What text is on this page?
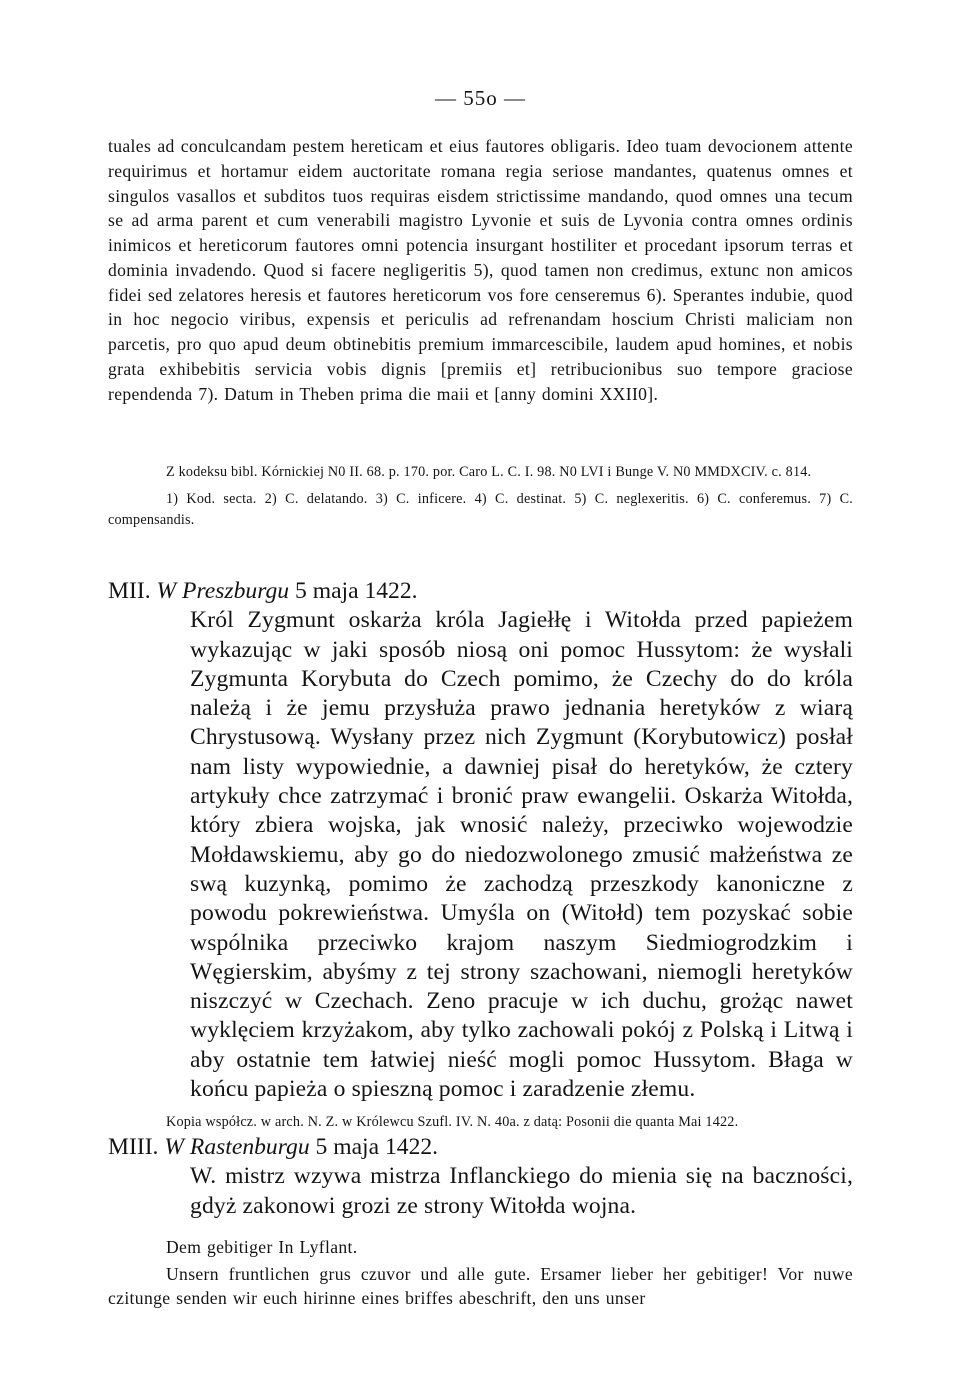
— 55o —

tuales ad conculcandam pestem hereticam et eius fautores obligaris. Ideo tuam devocionem attente requirimus et hortamur eidem auctoritate romana regia seriose mandantes, quatenus omnes et singulos vasallos et subditos tuos requiras eisdem strictissime mandando, quod omnes una tecum se ad arma parent et cum venerabili magistro Lyvonie et suis de Lyvonia contra omnes ordinis inimicos et hereticorum fautores omni potencia insurgant hostiliter et procedant ipsorum terras et dominia invadendo. Quod si facere negligeritis 5), quod tamen non credimus, extunc non amicos fidei sed zelatores heresis et fautores hereticorum vos fore censeremus 6). Sperantes indubie, quod in hoc negocio viribus, expensis et periculis ad refrenandam hoscium Christi maliciam non parcetis, pro quo apud deum obtinebitis premium immarcescibile, laudem apud homines, et nobis grata exhibebitis servicia vobis dignis [premiis et] retribucionibus suo tempore graciose rependenda 7). Datum in Theben prima die maii et [anny domini XXII0].

Z kodeksu bibl. Kórnickiej N0 II. 68. p. 170. por. Caro L. C. I. 98. N0 LVI i Bunge V. N0 MMDXCIV. c. 814.

1) Kod. secta. 2) C. delatando. 3) C. inficere. 4) C. destinat. 5) C. neglexeritis. 6) C. conferemus. 7) C. compensandis.

MII. W Preszburgu 5 maja 1422.

Król Zygmunt oskarża króla Jagiełłę i Witołda przed papieżem wykazując w jaki sposób niosą oni pomoc Hussytom: że wysłali Zygmunta Korybuta do Czech pomimo, że Czechy do do króla należą i że jemu przysłuża prawo jednania heretyków z wiarą Chrystusową. Wysłany przez nich Zygmunt (Korybutowicz) posłał nam listy wypowiednie, a dawniej pisał do heretyków, że cztery artykuły chce zatrzymać i bronić praw ewangelii. Oskarża Witołda, który zbiera wojska, jak wnosić należy, przeciwko wojewodzie Mołdawskiemu, aby go do niedozwolonego zmusić małżeństwa ze swą kuzynką, pomimo że zachodzą przeszkody kanoniczne z powodu pokrewieństwa. Umyśla on (Witołd) tem pozyskać sobie wspólnika przeciwko krajom naszym Siedmiogrodzkim i Węgierskim, abyśmy z tej strony szachowani, niemogli heretyków niszczyć w Czechach. Zeno pracuje w ich duchu, grożąc nawet wyklęciem krzyżakom, aby tylko zachowali pokój z Polską i Litwą i aby ostatnie tem łatwiej nieść mogli pomoc Hussytom. Błaga w końcu papieża o spieszną pomoc i zaradzenie złemu.

Kopia współcz. w arch. N. Z. w Królewcu Szufl. IV. N. 40a. z datą: Posonii die quanta Mai 1422.

MIII. W Rastenburgu 5 maja 1422.

W. mistrz wzywa mistrza Inflanckiego do mienia się na baczności, gdyż zakonowi grozi ze strony Witołda wojna.

Dem gebitiger In Lyflant.

Unsern fruntlichen grus czuvor und alle gute. Ersamer lieber her gebitiger! Vor nuwe czitunge senden wir euch hirinne eines briffes abeschrift, den uns unser
